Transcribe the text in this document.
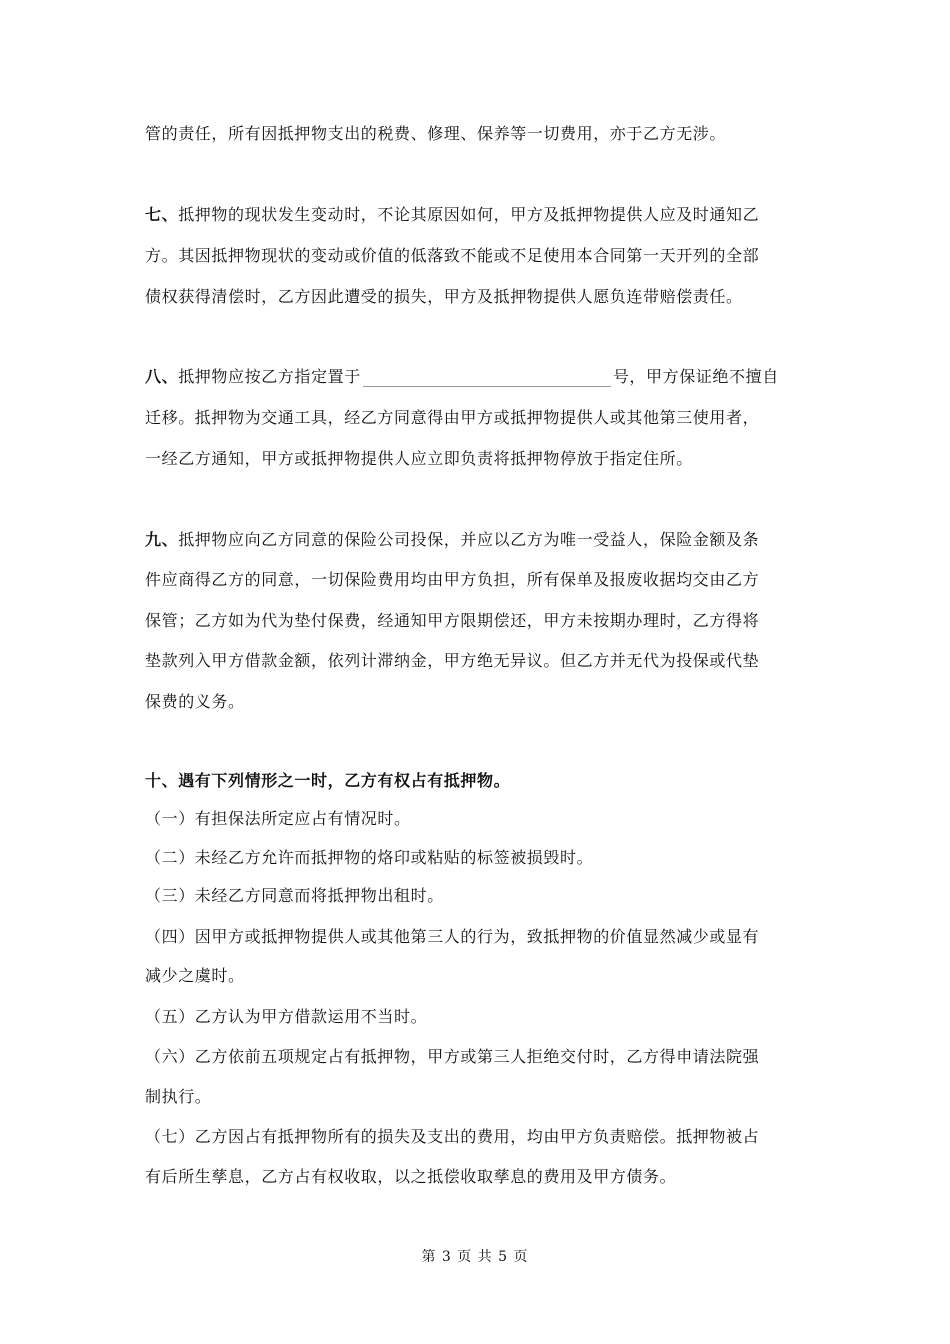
管的责任，所有因抵押物支出的税费、修理、保养等一切费用，亦于乙方无涉。
七、抵押物的现状发生变动时，不论其原因如何，甲方及抵押物提供人应及时通知乙
方。其因抵押物现状的变动或价值的低落致不能或不足使用本合同第一天开列的全部
债权获得清偿时，乙方因此遭受的损失，甲方及抵押物提供人愿负连带赔偿责任。
八、抵押物应按乙方指定置于	号，甲方保证绝不擅自
迁移。抵押物为交通工具，经乙方同意得由甲方或抵押物提供人或其他第三使用者，
一经乙方通知，甲方或抵押物提供人应立即负责将抵押物停放于指定住所。
九、抵押物应向乙方同意的保险公司投保，并应以乙方为唯一受益人，保险金额及条
件应商得乙方的同意，一切保险费用均由甲方负担，所有保单及报废收据均交由乙方
保管；乙方如为代为垫付保费，经通知甲方限期偿还，甲方未按期办理时，乙方得将
垫款列入甲方借款金额，依列计滞纳金，甲方绝无异议。但乙方并无代为投保或代垫
保费的义务。
十、遇有下列情形之一时，乙方有权占有抵押物。
（一）有担保法所定应占有情况时。
（二）未经乙方允许而抵押物的烙印或粘贴的标签被损毁时。
（三）未经乙方同意而将抵押物出租时。
（四）因甲方或抵押物提供人或其他第三人的行为，致抵押物的价值显然减少或显有
减少之虞时。
（五）乙方认为甲方借款运用不当时。
（六）乙方依前五项规定占有抵押物，甲方或第三人拒绝交付时，乙方得申请法院强
制执行。
（七）乙方因占有抵押物所有的损失及支出的费用，均由甲方负责赔偿。抵押物被占
有后所生孳息，乙方占有权收取，以之抵偿收取孳息的费用及甲方债务。
第 3 页 共 5 页
